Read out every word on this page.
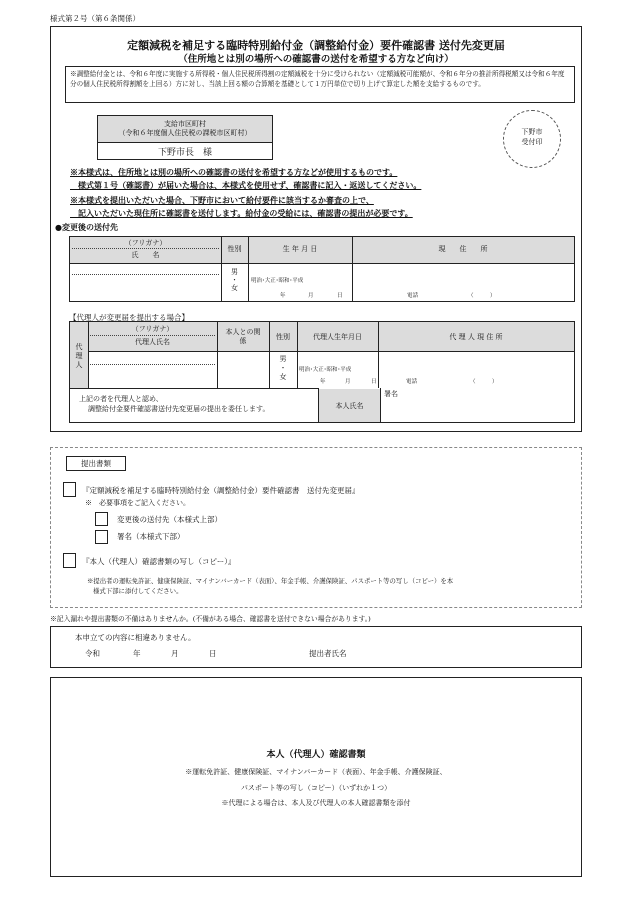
様式第２号（第６条関係）
定額減税を補足する臨時特別給付金（調整給付金）要件確認書 送付先変更届
（住所地とは別の場所への確認書の送付を希望する方など向け）
※調整給付金とは、令和６年度に実施する所得税・個人住民税所得割の定額減税を十分に受けられない（定額減税可能額が、令和６年分の推計所得税額又は令和６年度分の個人住民税所得割額を上回る）方に対し、当該上回る額の合算額を基礎として１万円単位で切り上げて算定した額を支給するものです。
支給市区町村
（令和６年度個人住民税の課税市区町村）
下野市長　様
下野市
受付印
※本様式は、住所地とは別の場所への確認書の送付を希望する方などが使用するものです。
　様式第１号（確認書）が届いた場合は、本様式を使用せず、確認書に記入・返送してください。
※本様式を提出いただいた場合、下野市において給付要件に該当するか審査の上で、
　記入いただいた現住所に確認書を送付します。給付金の受給には、確認書の提出が必要です。
●変更後の送付先
（フリガナ）
氏　　名
性別	生 年 月 日	現　　住　　所
男
・
女
明治･大正･昭和･平成
年	月	日	電話	（　　　）
【代理人が変更届を提出する場合】
代
理
人
（フリガナ）
代理人氏名
本人との関係	性別	代理人生年月日	代 理 人 現 住 所
男
・
女
明治･大正･昭和･平成
年	月	日	電話	（　　　）
上記の者を代理人と認め、
調整給付金要件確認書送付先変更届の提出を委任します。	本人氏名
署名
提出書類
『定額減税を補足する臨時特別給付金（調整給付金）要件確認書　送付先変更届』
※　必要事項をご記入ください。
変更後の送付先（本様式上部）
署名（本様式下部）
『本人（代理人）確認書類の写し（コピー）』
※提出者の運転免許証、健康保険証、マイナンバーカード（表面）、年金手帳、介護保険証、パスポート等の写し（コピー）を本
様式下部に添付してください。
※記入漏れや提出書類の不備はありませんか。(不備がある場合、確認書を送付できない場合があります。)
本申立ての内容に相違ありません。
令和	年	月	日	提出者氏名
本人（代理人）確認書類
※運転免許証、健康保険証、マイナンバーカード（表面）、年金手帳、介護保険証、
パスポート等の写し（コピー）（いずれか１つ）
※代理による場合は、本人及び代理人の本人確認書類を添付
